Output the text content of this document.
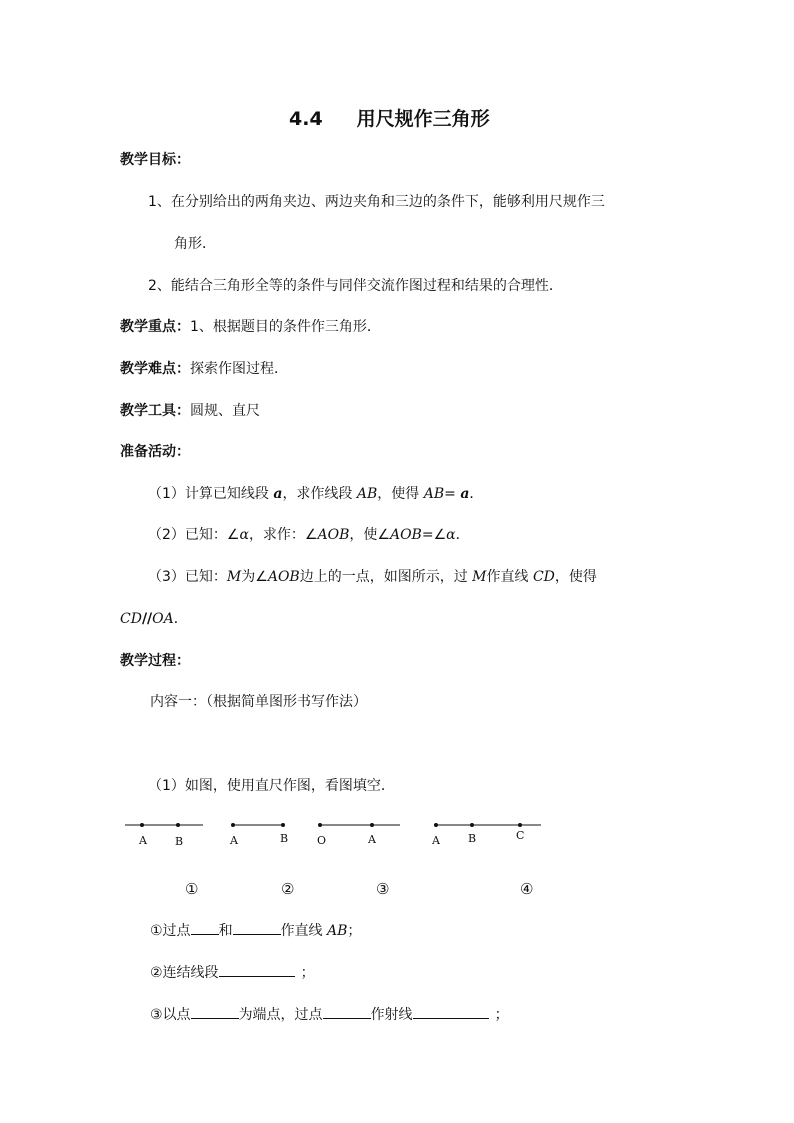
4.4 用尺规作三角形
教学目标：
1、在分别给出的两角夹边、两边夹角和三边的条件下，能够利用尺规作三
角形．
2、能结合三角形全等的条件与同伴交流作图过程和结果的合理性．
教学重点：1、根据题目的条件作三角形．
教学难点：探索作图过程．
教学工具：圆规、直尺
准备活动：
（1）计算已知线段 a，求作线段 AB，使得 AB= a．
（2）已知：∠α，求作：∠AOB，使∠AOB=∠α．
（3）已知：M为∠AOB边上的一点，如图所示，过 M作直线 CD，使得
CD//OA．
教学过程：
内容一：（根据简单图形书写作法）
（1）如图，使用直尺作图，看图填空．
A	B	A	B	O	A	A	B	C
①	②	③	④
①过点 和	作直线 AB；
②连结线段	；
③以点	为端点，过点	作射线	；
